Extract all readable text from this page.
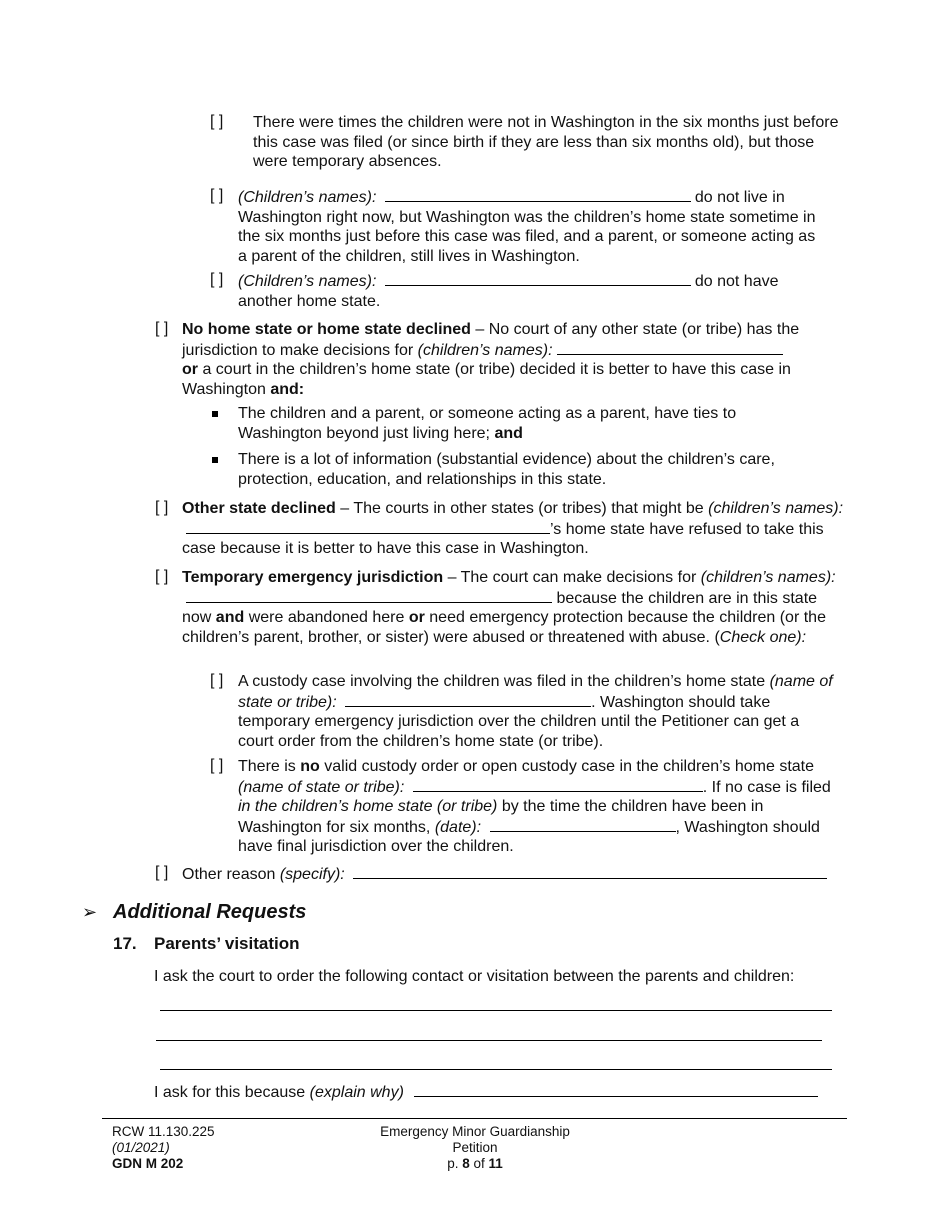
[ ] There were times the children were not in Washington in the six months just before this case was filed (or since birth if they are less than six months old), but those were temporary absences.
[ ] (Children’s names):	do not live in
Washington right now, but Washington was the children’s home state sometime in the six months just before this case was filed, and a parent, or someone acting as a parent of the children, still lives in Washington.
[ ] (Children’s names):	do not have
another home state.
[ ] No home state or home state declined – No court of any other state (or tribe) has the jurisdiction to make decisions for (children’s names):
or a court in the children’s home state (or tribe) decided it is better to have this case in Washington and:
The children and a parent, or someone acting as a parent, have ties to Washington beyond just living here; and
There is a lot of information (substantial evidence) about the children’s care, protection, education, and relationships in this state.
[ ] Other state declined – The courts in other states (or tribes) that might be (children’s names): ’s home state have refused to take this case because it is better to have this case in Washington.
[ ] Temporary emergency jurisdiction – The court can make decisions for (children’s names):  because the children are in this state now and were abandoned here or need emergency protection because the children (or the children’s parent, brother, or sister) were abused or threatened with abuse. (Check one):
[ ] A custody case involving the children was filed in the children’s home state (name of state or tribe):	. Washington should take temporary emergency jurisdiction over the children until the Petitioner can get a court order from the children’s home state (or tribe).
[ ] There is no valid custody order or open custody case in the children’s home state (name of state or tribe):	. If no case is filed in the children’s home state (or tribe) by the time the children have been in Washington for six months, (date):	, Washington should have final jurisdiction over the children.
[ ] Other reason (specify):
➢ Additional Requests
17. Parents’ visitation
I ask the court to order the following contact or visitation between the parents and children:
I ask for this because (explain why)
RCW 11.130.225
(01/2021)
GDN M 202
Emergency Minor Guardianship
Petition
p. 8 of 11
